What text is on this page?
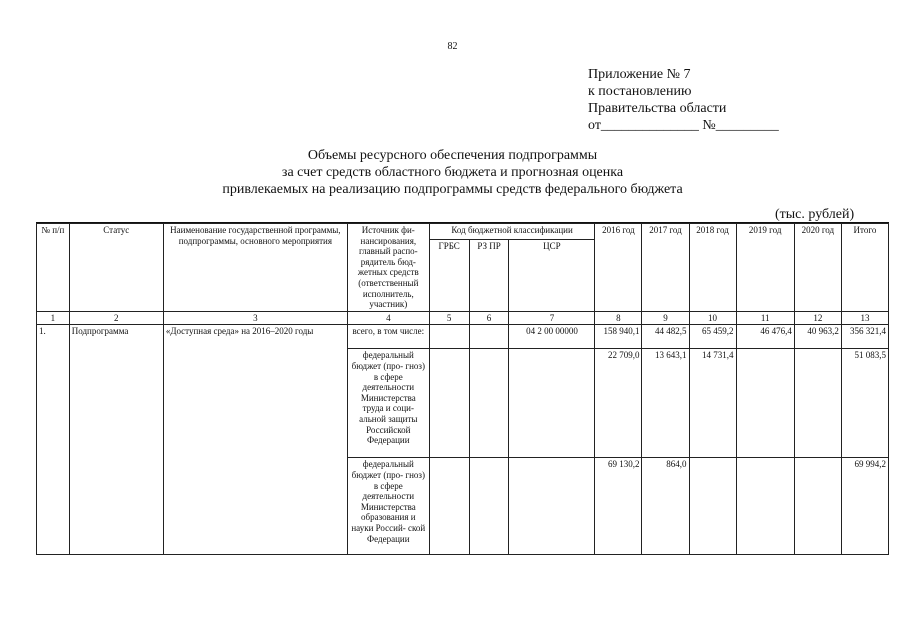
82
Приложение № 7
к постановлению
Правительства области
от______________ №_________
Объемы ресурсного обеспечения подпрограммы
за счет средств областного бюджета и прогнозная оценка
привлекаемых на реализацию подпрограммы средств федерального бюджета
(тыс. рублей)
№ п/п	Статус	Наименование государственной программы, подпрограммы, основного мероприятия	Источник фи- нансирования, главный распо- рядитель бюд- жетных средств (ответственный исполнитель, участник)	Код бюджетной классификации			2016 год	2017 год	2018 год	2019 год	2020 год	Итого
				ГРБС	РЗ ПР	ЦСР						
1	2	3	4	5	6	7	8	9	10	11	12	13
1.	Подпрограмма	«Доступная среда» на 2016–2020 годы	всего, в том числе:			04 2 00 00000	158 940,1	44 482,5	65 459,2	46 476,4	40 963,2	356 321,4
			федеральный бюджет (про- гноз) в сфере деятельности Министерства труда и соци- альной защиты Российской Федерации				22 709,0	13 643,1	14 731,4			51 083,5
			федеральный бюджет (про- гноз) в сфере деятельности Министерства образования и науки Россий- ской Федерации				69 130,2	864,0				69 994,2
